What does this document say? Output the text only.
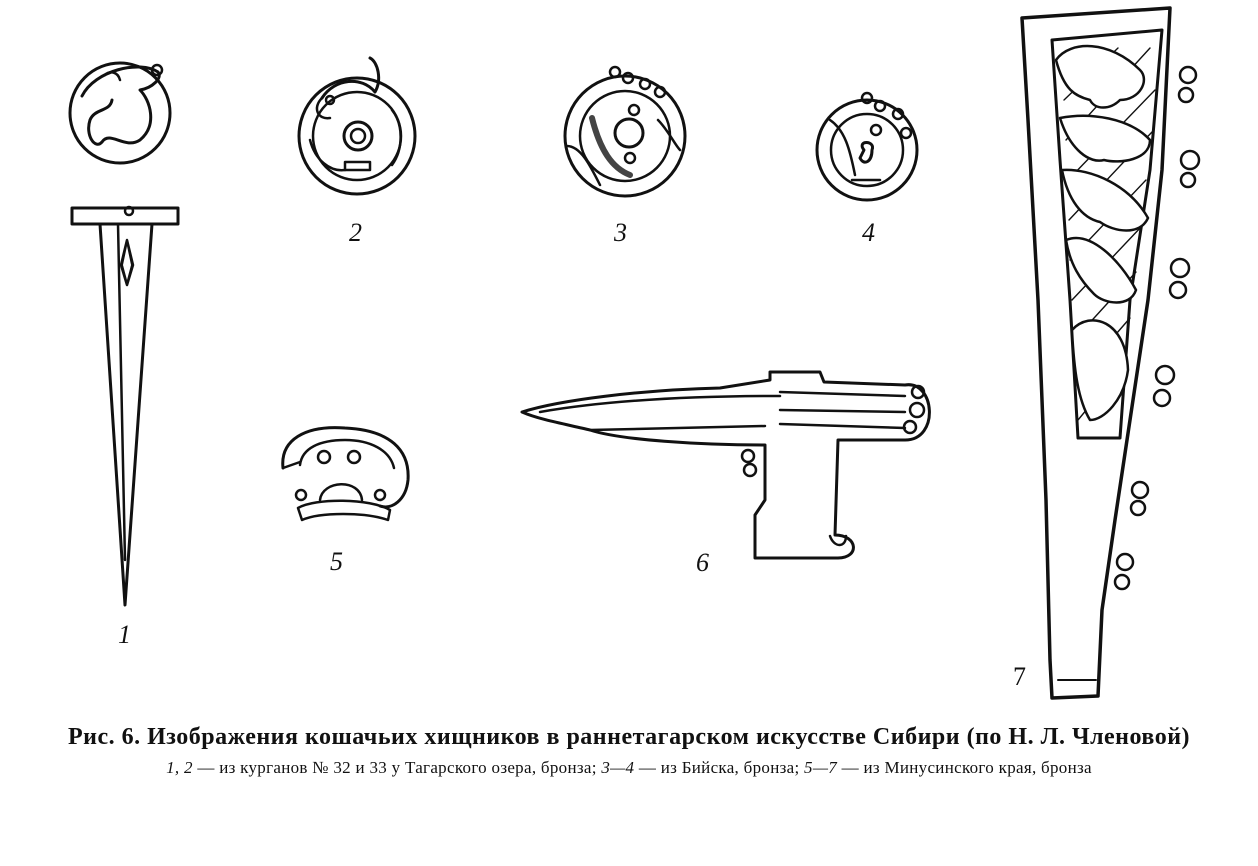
1
2	3	4
5	6
7
Рис. 6. Изображения кошачьих хищников в раннетагарском искусстве Сибири (по Н. Л. Членовой)
1, 2 — из курганов № 32 и 33 у Тагарского озера, бронза; 3—4 — из Бийска, бронза; 5—7 — из Минусинского края, бронза
